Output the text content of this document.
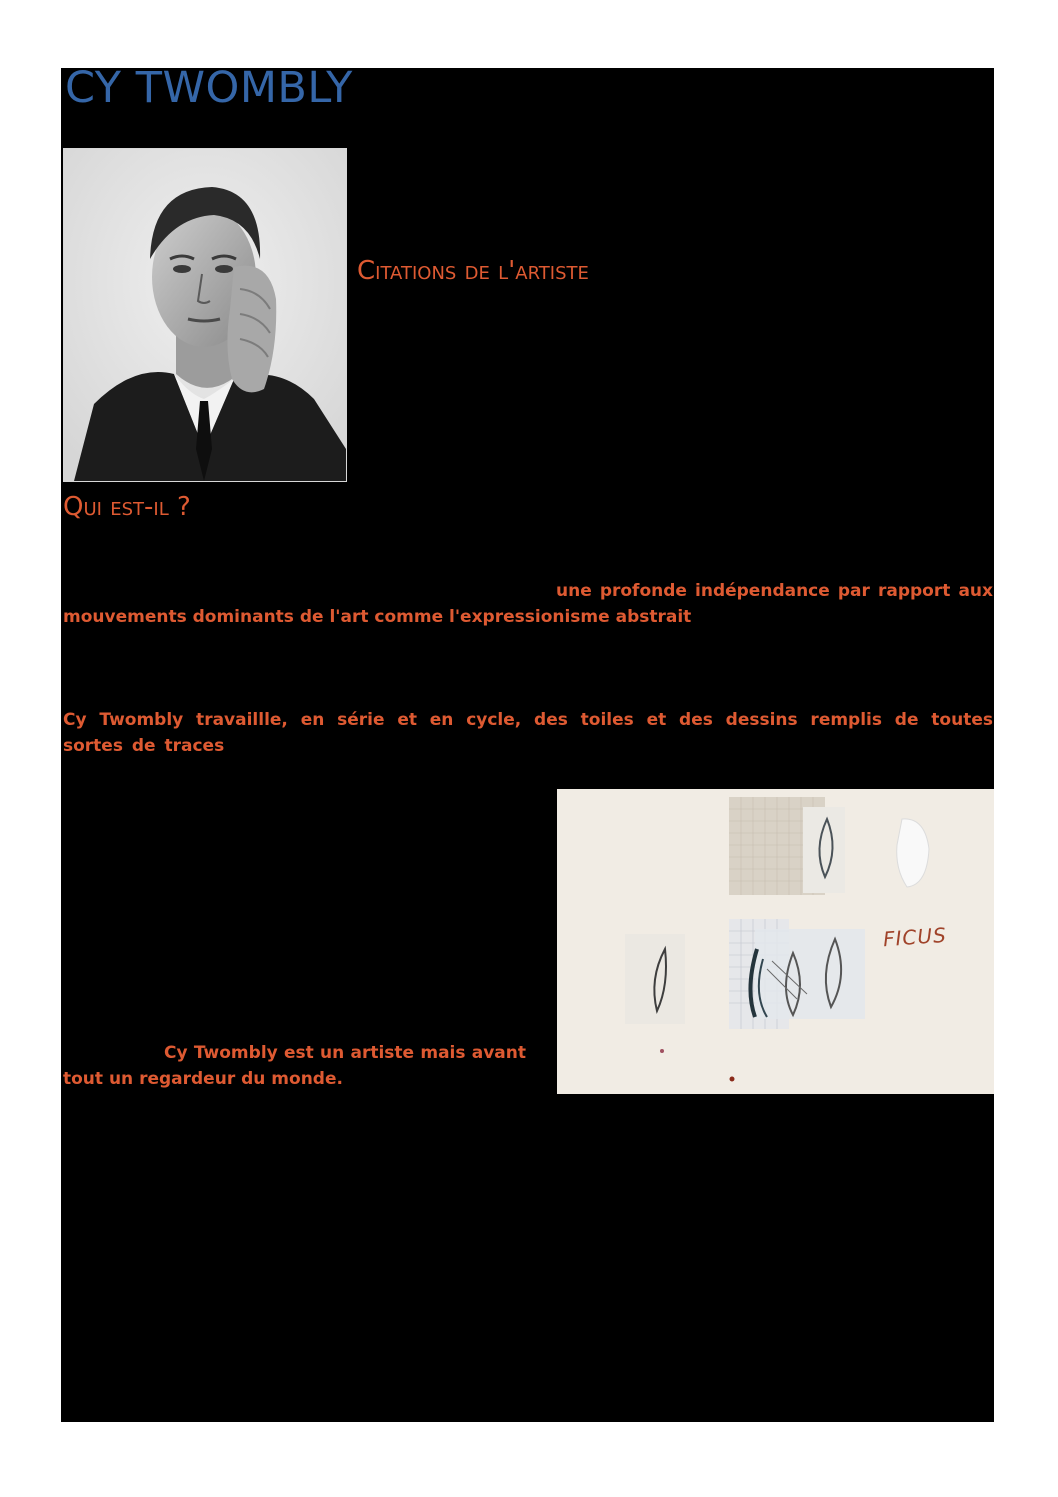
CY TWOMBLY
Citations de l'artiste
Qui est-il ?

une profonde indépendance par rapport aux mouvements dominants de l'art comme l'expressionisme abstrait

Cy Twombly travaillle, en série et en cycle, des toiles et des dessins remplis de toutes sortes de traces

Cy Twombly est un artiste mais avant tout un regardeur du monde.

FICUS
